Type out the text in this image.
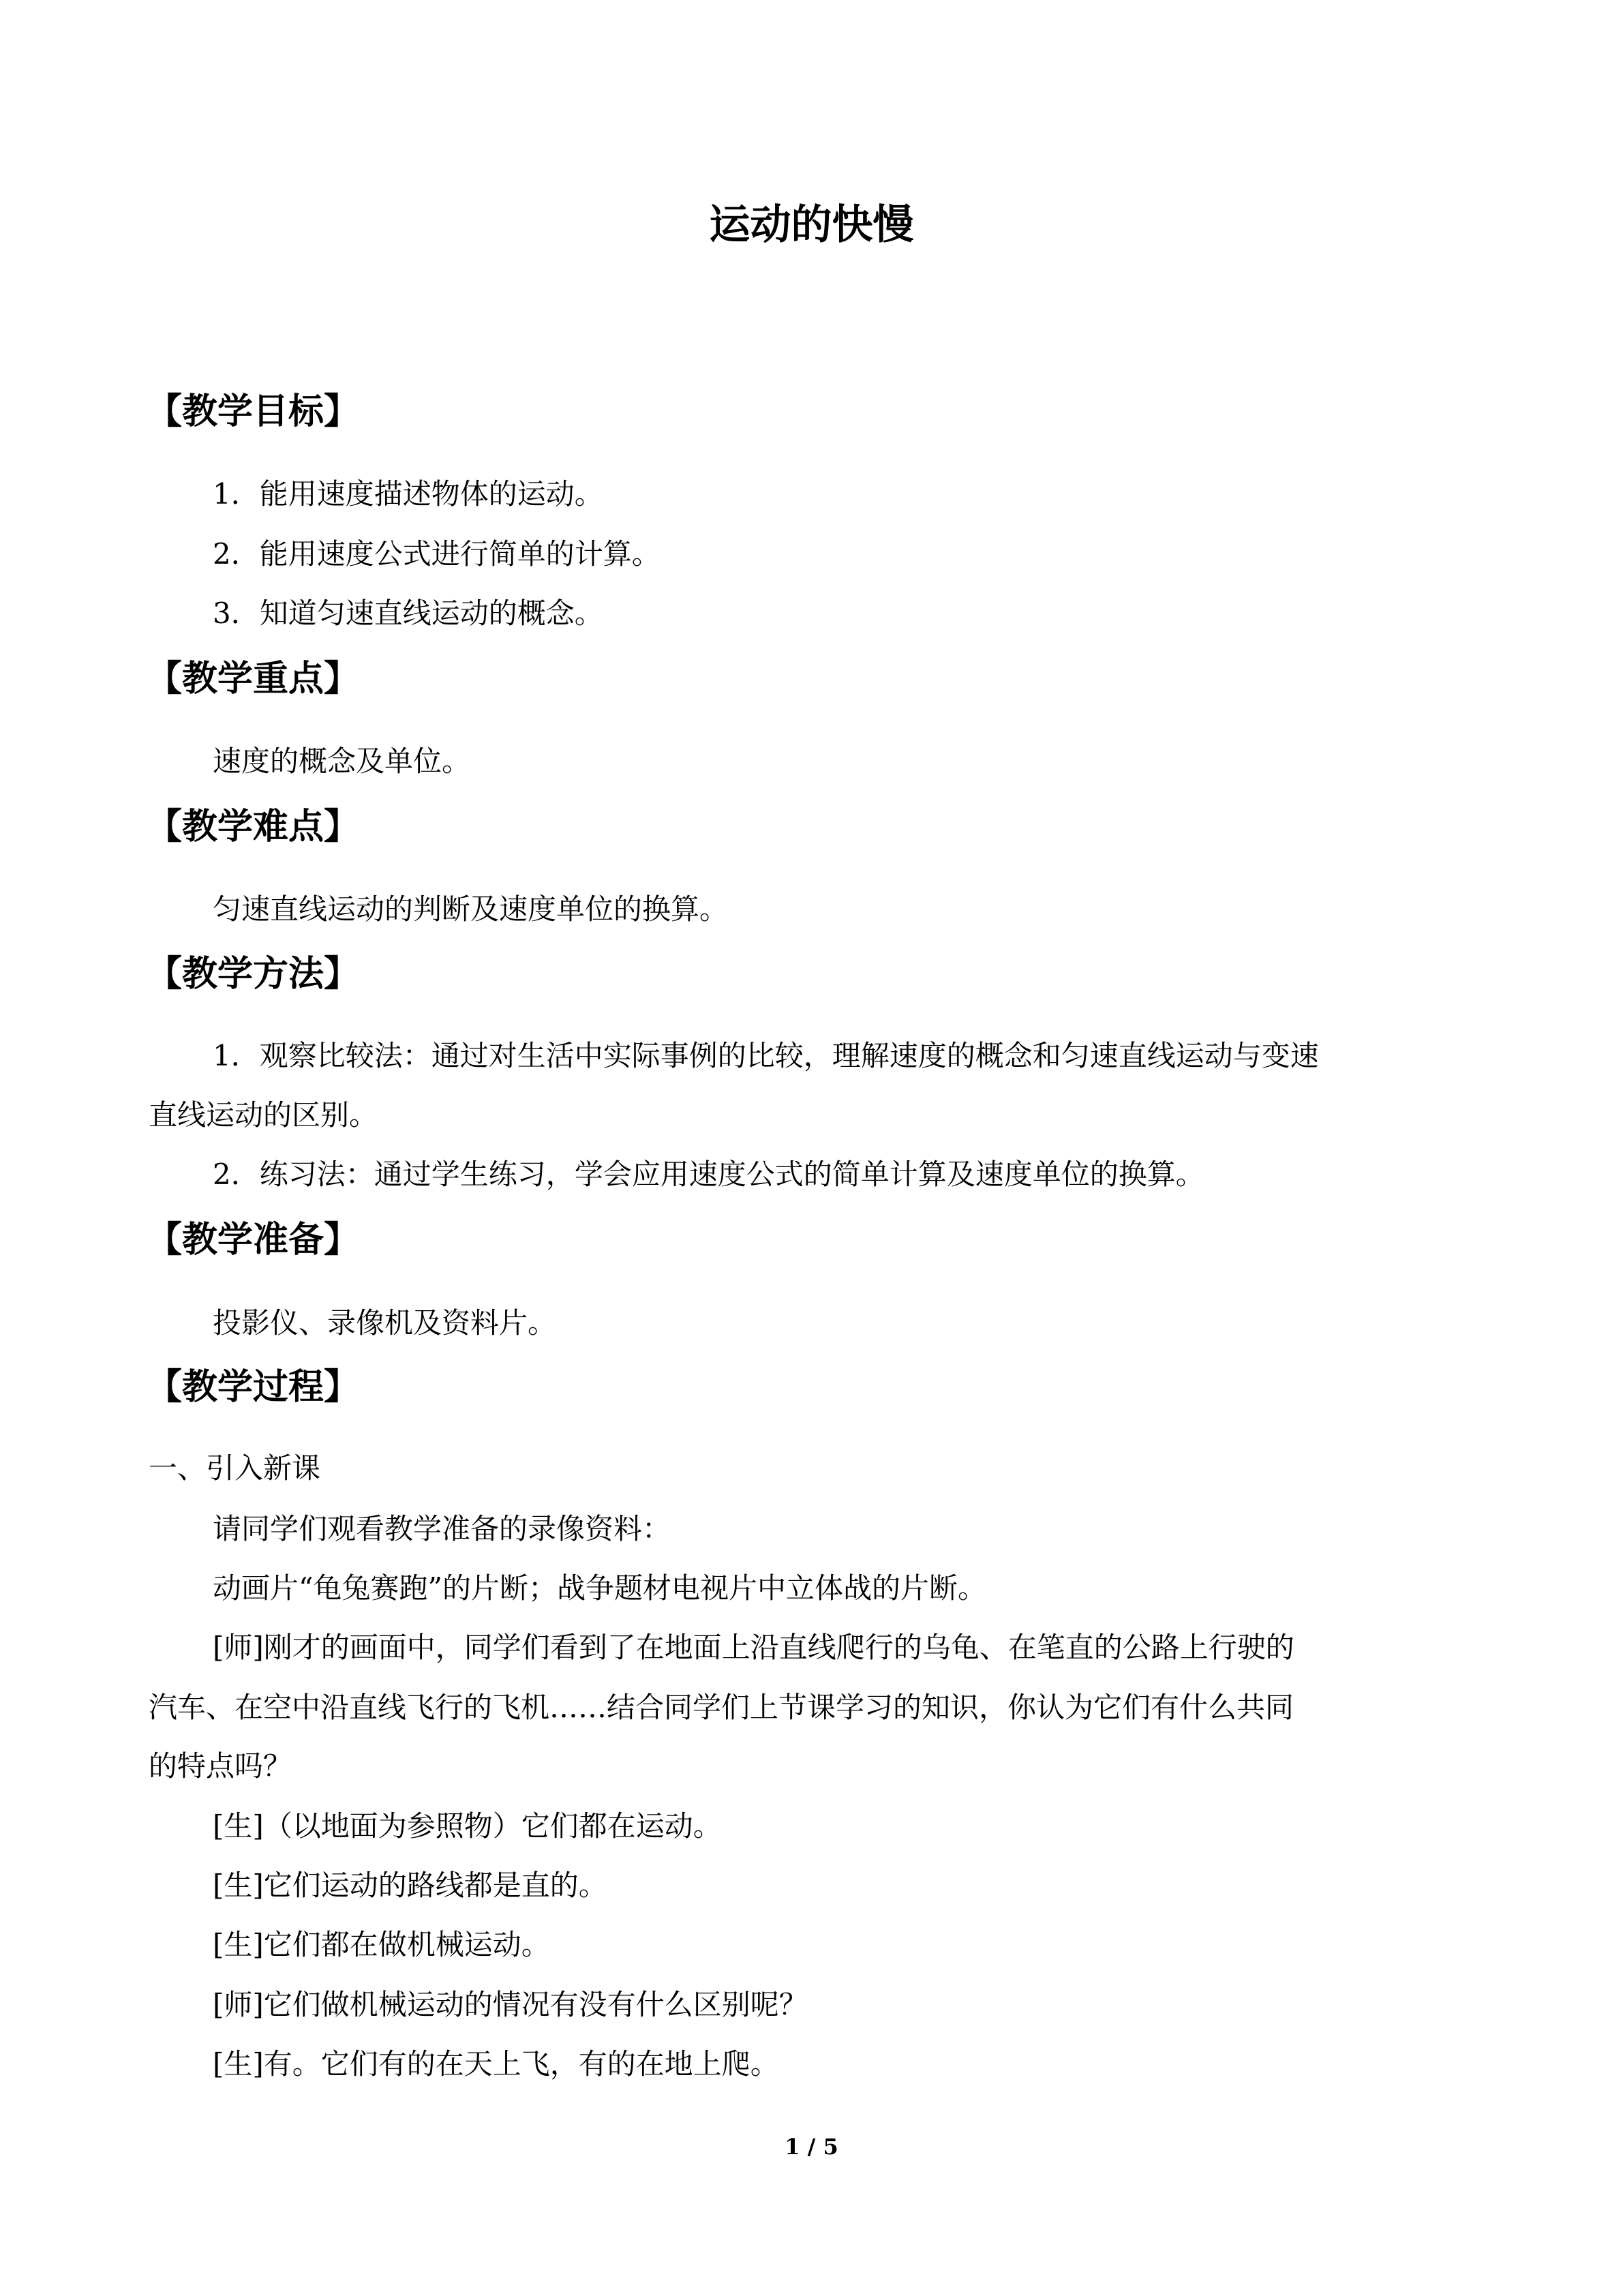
运动的快慢
【教学目标】
1．能用速度描述物体的运动。
2．能用速度公式进行简单的计算。
3．知道匀速直线运动的概念。
【教学重点】
速度的概念及单位。
【教学难点】
匀速直线运动的判断及速度单位的换算。
【教学方法】
1．观察比较法：通过对生活中实际事例的比较，理解速度的概念和匀速直线运动与变速
直线运动的区别。
2．练习法：通过学生练习，学会应用速度公式的简单计算及速度单位的换算。
【教学准备】
投影仪、录像机及资料片。
【教学过程】
一、引入新课
请同学们观看教学准备的录像资料：
动画片“龟兔赛跑”的片断；战争题材电视片中立体战的片断。
[师]刚才的画面中，同学们看到了在地面上沿直线爬行的乌龟、在笔直的公路上行驶的
汽车、在空中沿直线飞行的飞机……结合同学们上节课学习的知识，你认为它们有什么共同
的特点吗？
[生]（以地面为参照物）它们都在运动。
[生]它们运动的路线都是直的。
[生]它们都在做机械运动。
[师]它们做机械运动的情况有没有什么区别呢？
[生]有。它们有的在天上飞，有的在地上爬。
1 / 5
